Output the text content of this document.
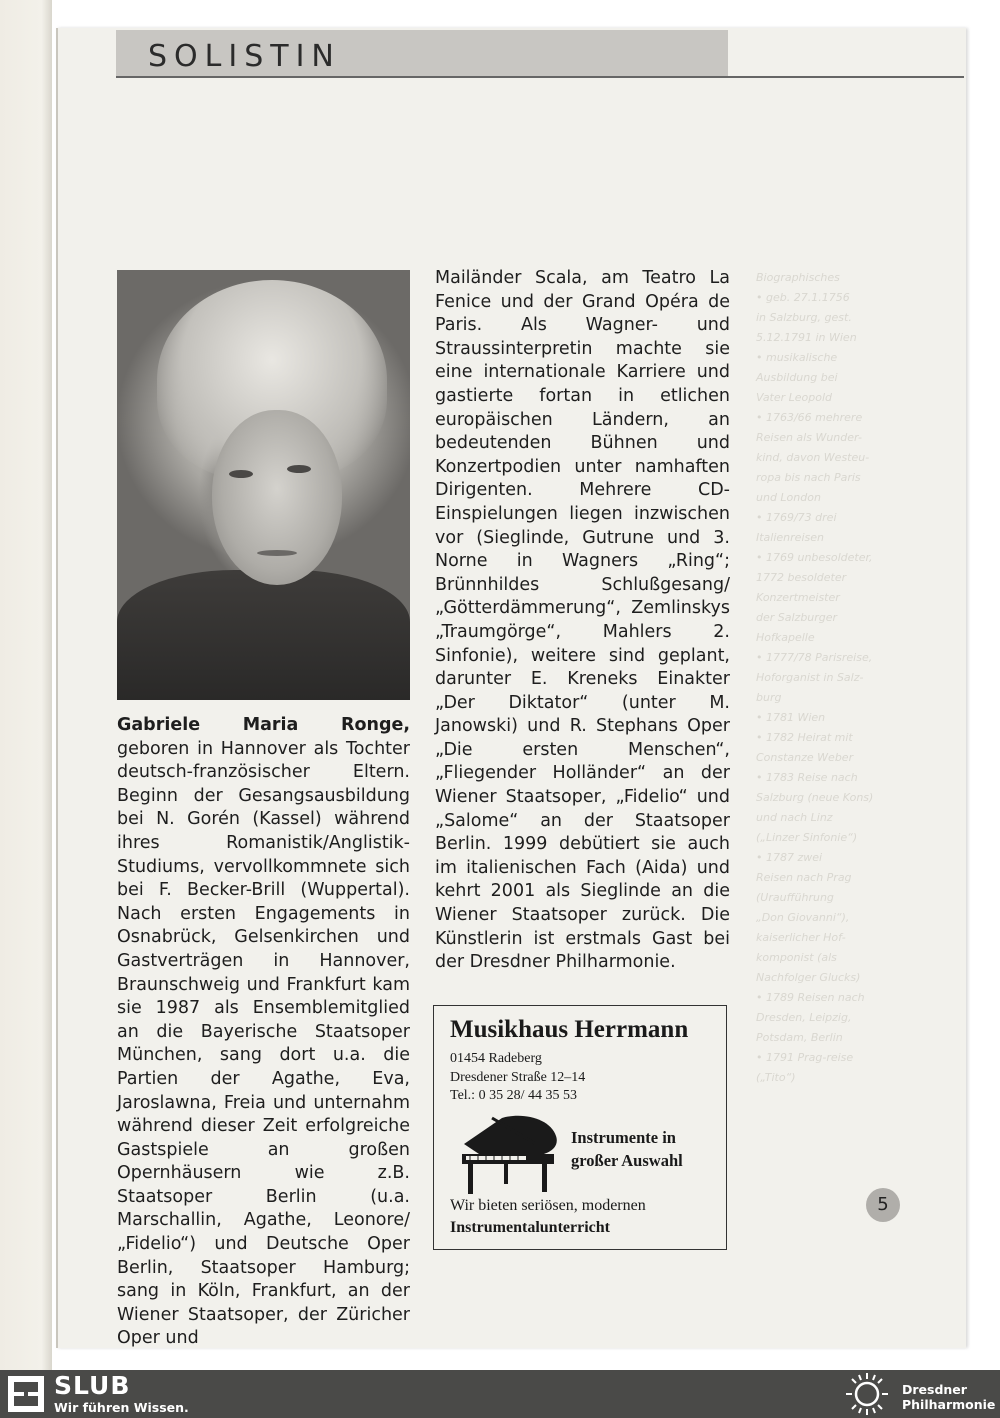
SOLISTIN
Biographisches
• geb. 27.1.1756
in Salzburg, gest.
5.12.1791 in Wien
• musikalische
Ausbildung bei
Vater Leopold
• 1763/66 mehrere
Reisen als Wunder-
kind, davon Westeu-
ropa bis nach Paris
und London
• 1769/73 drei
Italienreisen
• 1769 unbesoldeter,
1772 besoldeter
Konzertmeister
der Salzburger
Hofkapelle
• 1777/78 Parisreise,
Hoforganist in Salz-
burg
• 1781 Wien
• 1782 Heirat mit
Constanze Weber
• 1783 Reise nach
Salzburg (neue Kons)
und nach Linz
(„Linzer Sinfonie“)
• 1787 zwei
Reisen nach Prag
(Uraufführung
„Don Giovanni“),
kaiserlicher Hof-
komponist (als
Nachfolger Glucks)
• 1789 Reisen nach
Dresden, Leipzig,
Potsdam, Berlin
• 1791 Prag-reise
(„Tito“)

Gabriele Maria Ronge, geboren in Hannover als Tochter deutsch-französischer Eltern. Beginn der Gesangsausbildung bei N. Gorén (Kassel) während ihres Romanistik/Anglistik-Studiums, vervollkommnete sich bei F. Becker-Brill (Wuppertal). Nach ersten Engagements in Osnabrück, Gelsenkirchen und Gastverträgen in Hannover, Braunschweig und Frankfurt kam sie 1987 als Ensemblemitglied an die Bayerische Staatsoper München, sang dort u.a. die Partien der Agathe, Eva, Jaroslawna, Freia und unternahm während dieser Zeit erfolgreiche Gastspiele an großen Opernhäusern wie z.B. Staatsoper Berlin (u.a. Marschallin, Agathe, Leonore/„Fidelio“) und Deutsche Oper Berlin, Staatsoper Hamburg; sang in Köln, Frankfurt, an der Wiener Staatsoper, der Züricher Oper und

Mailänder Scala, am Teatro La Fenice und der Grand Opéra de Paris. Als Wagner- und Straussinterpretin machte sie eine internationale Karriere und gastierte fortan in etlichen europäischen Ländern, an bedeutenden Bühnen und Konzertpodien unter namhaften Dirigenten. Mehrere CD-Einspielungen liegen inzwischen vor (Sieglinde, Gutrune und 3. Norne in Wagners „Ring“; Brünnhildes Schlußgesang/„Götterdämmerung“, Zemlinskys „Traumgörge“, Mahlers 2. Sinfonie), weitere sind geplant, darunter E. Kreneks Einakter „Der Diktator“ (unter M. Janowski) und R. Stephans Oper „Die ersten Menschen“, „Fliegender Holländer“ an der Wiener Staatsoper, „Fidelio“ und „Salome“ an der Staatsoper Berlin. 1999 debütiert sie auch im italienischen Fach (Aida) und kehrt 2001 als Sieglinde an die Wiener Staatsoper zurück. Die Künstlerin ist erstmals Gast bei der Dresdner Philharmonie.

Musikhaus Herrmann
01454 Radeberg
Dresdener Straße 12–14
Tel.: 0 35 28/ 44 35 53
Instrumente in
großer Auswahl
Wir bieten seriösen, modernen
Instrumentalunterricht
5
SLUB
Wir führen Wissen.
Dresdner
Philharmonie
